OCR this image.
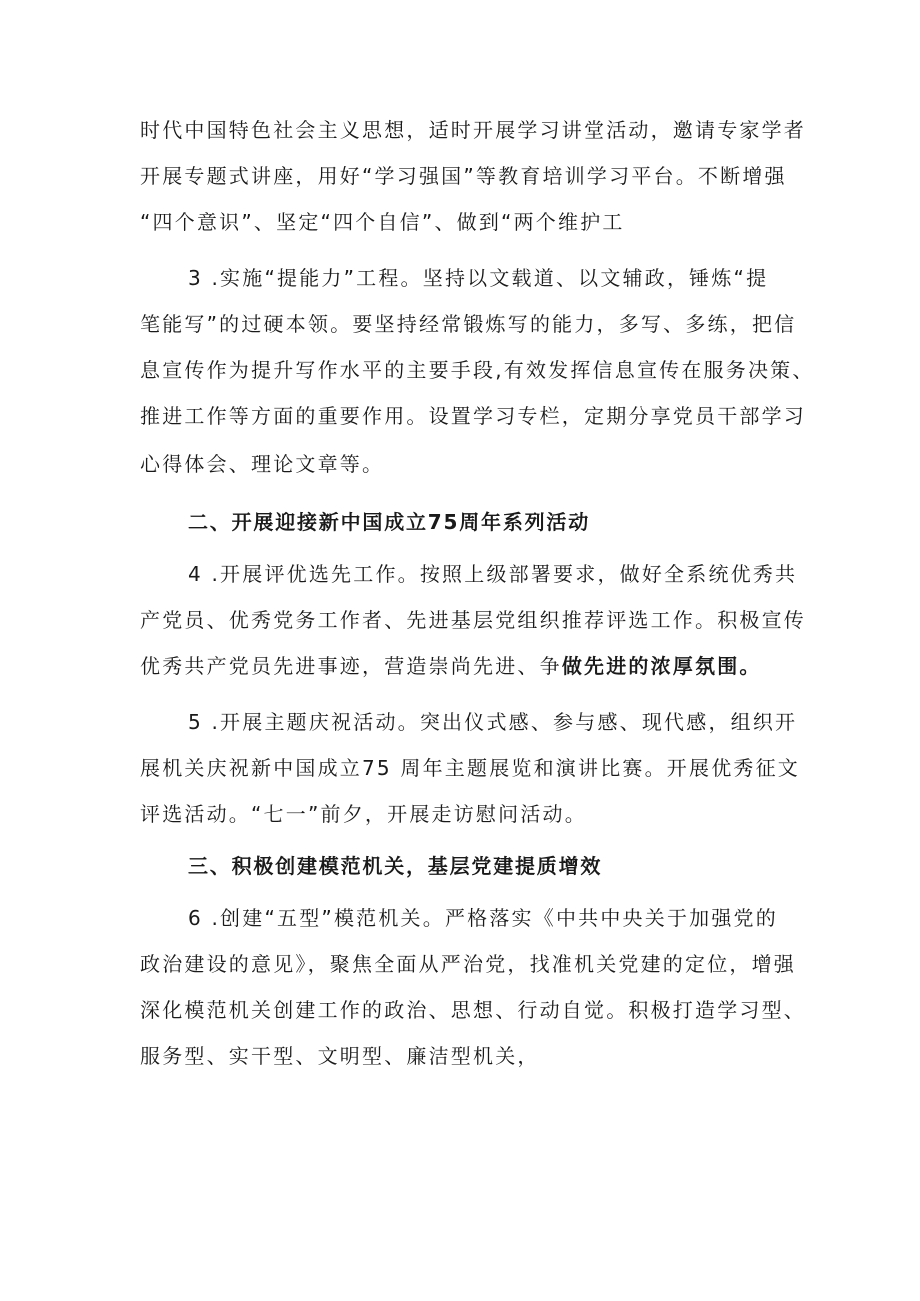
时代中国特色社会主义思想，适时开展学习讲堂活动，邀请专家学者
开展专题式讲座，用好“学习强国”等教育培训学习平台。不断增强
“四个意识”、坚定“四个自信”、做到“两个维护工
3 .实施“提能力”工程。坚持以文载道、以文辅政，锤炼“提
笔能写”的过硬本领。要坚持经常锻炼写的能力，多写、多练，把信
息宣传作为提升写作水平的主要手段,有效发挥信息宣传在服务决策、
推进工作等方面的重要作用。设置学习专栏，定期分享党员干部学习
心得体会、理论文章等。
二、开展迎接新中国成立75周年系列活动
4 .开展评优选先工作。按照上级部署要求，做好全系统优秀共
产党员、优秀党务工作者、先进基层党组织推荐评选工作。积极宣传
优秀共产党员先进事迹，营造崇尚先进、争做先进的浓厚氛围。
5 .开展主题庆祝活动。突出仪式感、参与感、现代感，组织开
展机关庆祝新中国成立75 周年主题展览和演讲比赛。开展优秀征文
评选活动。“七一”前夕，开展走访慰问活动。
三、积极创建模范机关，基层党建提质增效
6 .创建“五型”模范机关。严格落实《中共中央关于加强党的
政治建设的意见》，聚焦全面从严治党，找准机关党建的定位，增强
深化模范机关创建工作的政治、思想、行动自觉。积极打造学习型、
服务型、实干型、文明型、廉洁型机关，
